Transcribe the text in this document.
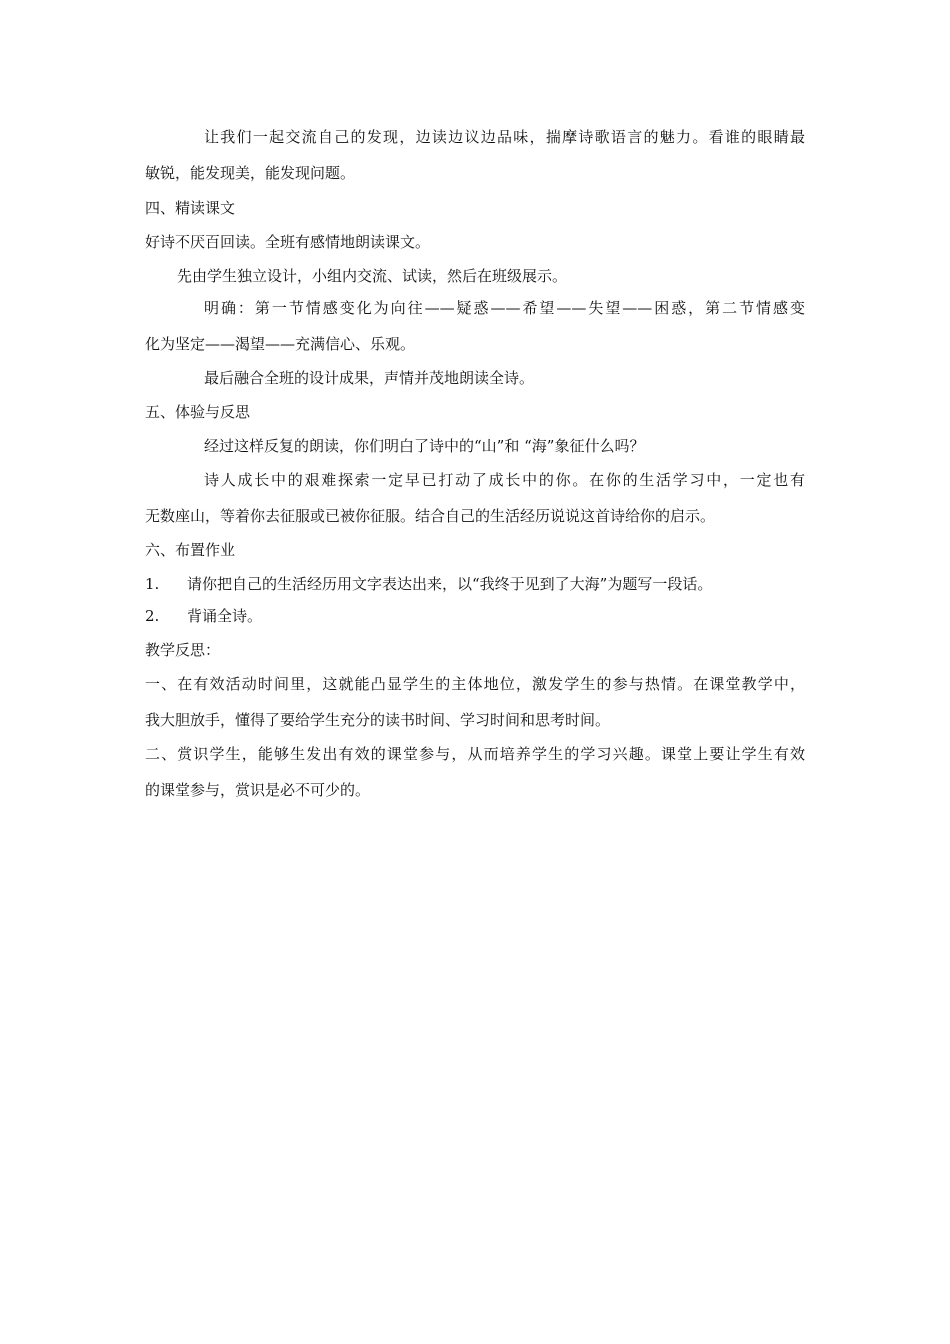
让我们一起交流自己的发现，边读边议边品味，揣摩诗歌语言的魅力。看谁的眼睛最

敏锐，能发现美，能发现问题。

四、精读课文

好诗不厌百回读。全班有感情地朗读课文。

先由学生独立设计，小组内交流、试读，然后在班级展示。

明确：第一节情感变化为向往——疑惑——希望——失望——困惑，第二节情感变

化为坚定——渴望——充满信心、乐观。

最后融合全班的设计成果，声情并茂地朗读全诗。

五、体验与反思

经过这样反复的朗读，你们明白了诗中的“山”和 “海”象征什么吗？

诗人成长中的艰难探索一定早已打动了成长中的你。在你的生活学习中，一定也有

无数座山，等着你去征服或已被你征服。结合自己的生活经历说说这首诗给你的启示。

六、布置作业

1. 请你把自己的生活经历用文字表达出来，以“我终于见到了大海”为题写一段话。

2. 背诵全诗。

教学反思：

一、在有效活动时间里，这就能凸显学生的主体地位，激发学生的参与热情。在课堂教学中，

我大胆放手，懂得了要给学生充分的读书时间、学习时间和思考时间。

二、赏识学生，能够生发出有效的课堂参与，从而培养学生的学习兴趣。课堂上要让学生有效

的课堂参与，赏识是必不可少的。
